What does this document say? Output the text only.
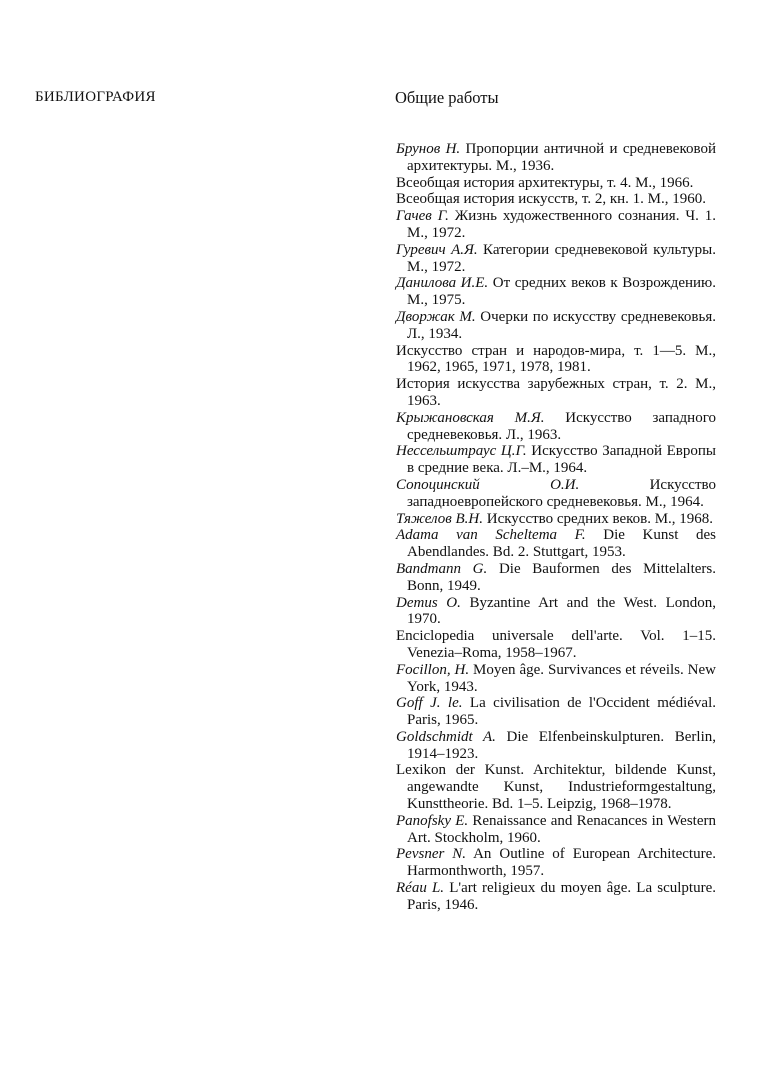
БИБЛИОГРАФИЯ	Общие работы

Брунов Н. Пропорции античной и средневековой архитектуры. М., 1936.

Всеобщая история архитектуры, т. 4. М., 1966.

Всеобщая история искусств, т. 2, кн. 1. М., 1960.

Гачев Г. Жизнь художественного сознания. Ч. 1. М., 1972.

Гуревич А.Я. Категории средневековой культуры. М., 1972.

Данилова И.Е. От средних веков к Возрождению. М., 1975.

Дворжак М. Очерки по искусству средневековья. Л., 1934.

Искусство стран и народов-мира, т. 1—5. М., 1962, 1965, 1971, 1978, 1981.

История искусства зарубежных стран, т. 2. М., 1963.

Крыжановская М.Я. Искусство западного средневековья. Л., 1963.

Нессельштраус Ц.Г. Искусство Западной Европы в средние века. Л.–М., 1964.

Сопоцинский О.И. Искусство западноевропейского средневековья. М., 1964.

Тяжелов В.Н. Искусство средних веков. М., 1968.

Adama van Scheltema F. Die Kunst des Abendlandes. Bd. 2. Stuttgart, 1953.

Bandmann G. Die Bauformen des Mittelalters. Bonn, 1949.

Demus O. Byzantine Art and the West. London, 1970.

Enciclopedia universale dell'arte. Vol. 1–15. Venezia–Roma, 1958–1967.

Focillon, H. Moyen âge. Survivances et réveils. New York, 1943.

Goff J. le. La civilisation de l'Occident médiéval. Paris, 1965.

Goldschmidt A. Die Elfenbeinskulpturen. Berlin, 1914–1923.

Lexikon der Kunst. Architektur, bildende Kunst, angewandte Kunst, Industrieformgestaltung, Kunsttheorie. Bd. 1–5. Leipzig, 1968–1978.

Panofsky E. Renaissance and Renacances in Western Art. Stockholm, 1960.

Pevsner N. An Outline of European Architecture. Harmonthworth, 1957.

Réau L. L'art religieux du moyen âge. La sculpture. Paris, 1946.
